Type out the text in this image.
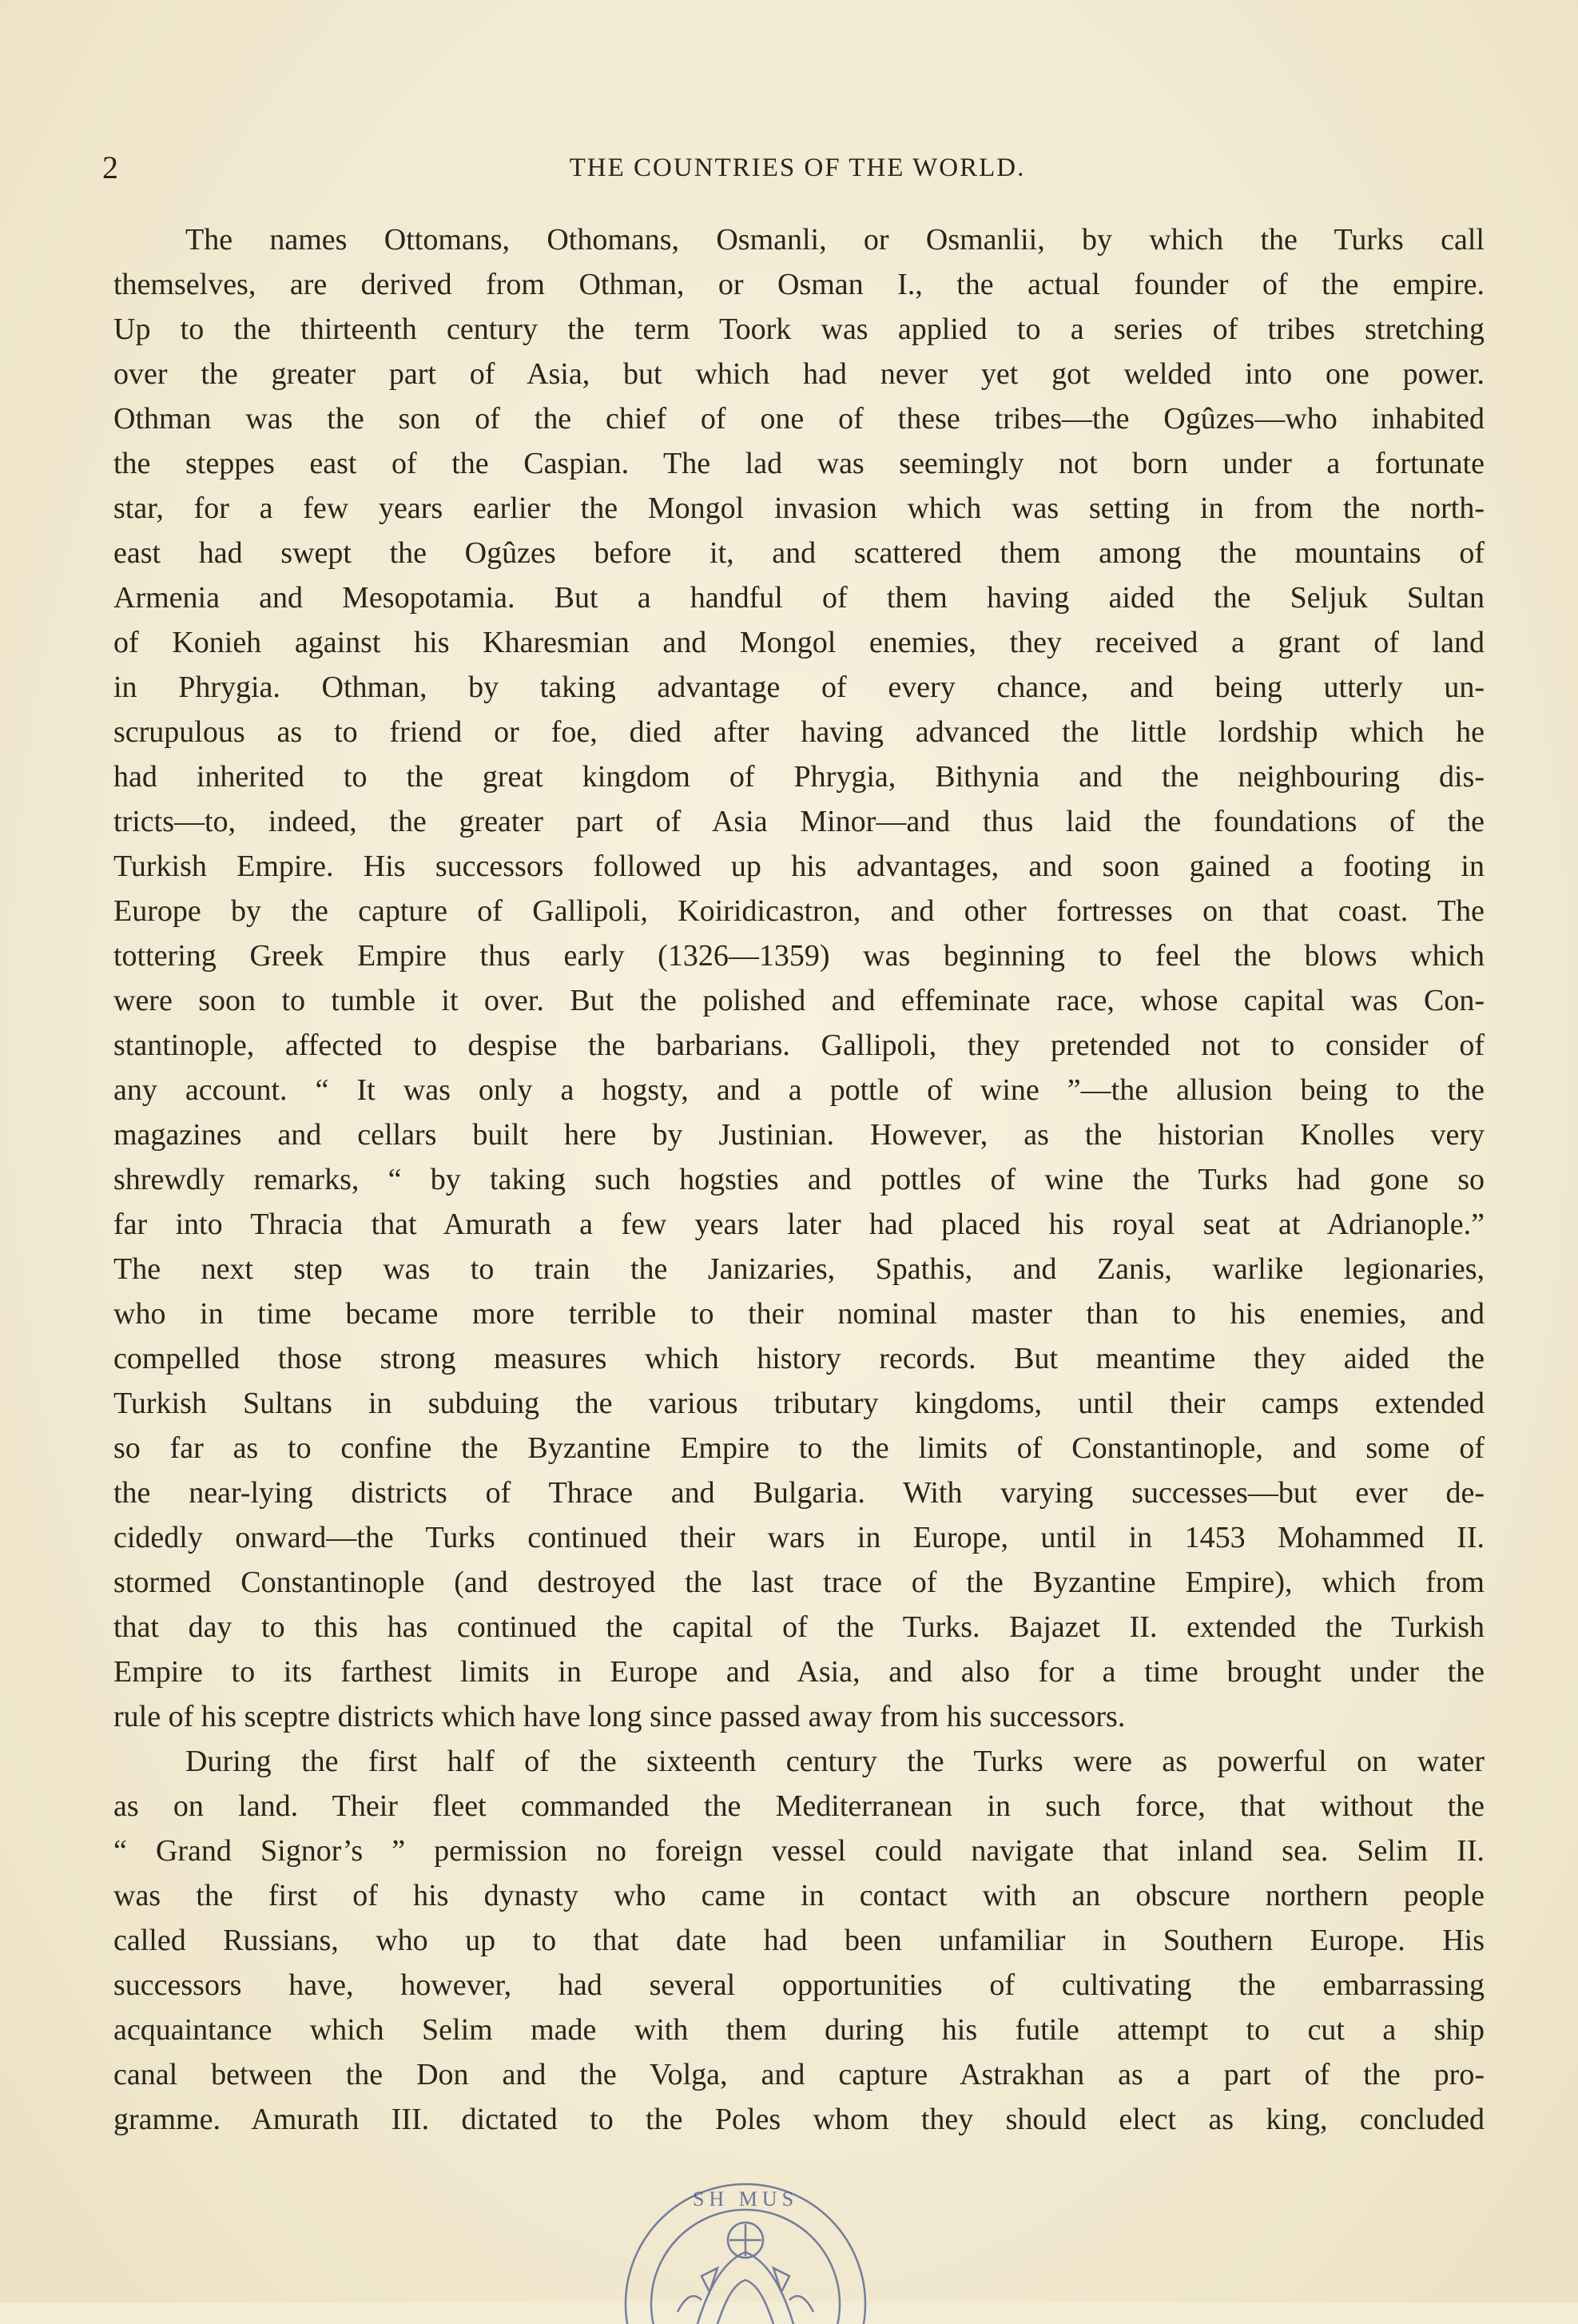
2	THE COUNTRIES OF THE WORLD.
The names Ottomans, Othomans, Osmanli, or Osmanlii, by which the Turks call
themselves, are derived from Othman, or Osman I., the actual founder of the empire.
Up to the thirteenth century the term Toork was applied to a series of tribes stretching
over the greater part of Asia, but which had never yet got welded into one power.
Othman was the son of the chief of one of these tribes—the Ogûzes—who inhabited
the steppes east of the Caspian. The lad was seemingly not born under a fortunate
star, for a few years earlier the Mongol invasion which was setting in from the north-
east had swept the Ogûzes before it, and scattered them among the mountains of
Armenia and Mesopotamia. But a handful of them having aided the Seljuk Sultan
of Konieh against his Kharesmian and Mongol enemies, they received a grant of land
in Phrygia. Othman, by taking advantage of every chance, and being utterly un-
scrupulous as to friend or foe, died after having advanced the little lordship which he
had inherited to the great kingdom of Phrygia, Bithynia and the neighbouring dis-
tricts—to, indeed, the greater part of Asia Minor—and thus laid the foundations of the
Turkish Empire. His successors followed up his advantages, and soon gained a footing in
Europe by the capture of Gallipoli, Koiridicastron, and other fortresses on that coast. The
tottering Greek Empire thus early (1326—1359) was beginning to feel the blows which
were soon to tumble it over. But the polished and effeminate race, whose capital was Con-
stantinople, affected to despise the barbarians. Gallipoli, they pretended not to consider of
any account. “ It was only a hogsty, and a pottle of wine ”—the allusion being to the
magazines and cellars built here by Justinian. However, as the historian Knolles very
shrewdly remarks, “ by taking such hogsties and pottles of wine the Turks had gone so
far into Thracia that Amurath a few years later had placed his royal seat at Adrianople.”
The next step was to train the Janizaries, Spathis, and Zanis, warlike legionaries,
who in time became more terrible to their nominal master than to his enemies, and
compelled those strong measures which history records. But meantime they aided the
Turkish Sultans in subduing the various tributary kingdoms, until their camps extended
so far as to confine the Byzantine Empire to the limits of Constantinople, and some of
the near-lying districts of Thrace and Bulgaria. With varying successes—but ever de-
cidedly onward—the Turks continued their wars in Europe, until in 1453 Mohammed II.
stormed Constantinople (and destroyed the last trace of the Byzantine Empire), which from
that day to this has continued the capital of the Turks. Bajazet II. extended the Turkish
Empire to its farthest limits in Europe and Asia, and also for a time brought under the
rule of his sceptre districts which have long since passed away from his successors.
During the first half of the sixteenth century the Turks were as powerful on water
as on land. Their fleet commanded the Mediterranean in such force, that without the
“ Grand Signor’s ” permission no foreign vessel could navigate that inland sea. Selim II.
was the first of his dynasty who came in contact with an obscure northern people
called Russians, who up to that date had been unfamiliar in Southern Europe. His
successors have, however, had several opportunities of cultivating the embarrassing
acquaintance which Selim made with them during his futile attempt to cut a ship
canal between the Don and the Volga, and capture Astrakhan as a part of the pro-
gramme. Amurath III. dictated to the Poles whom they should elect as king, concluded
SH MUS
